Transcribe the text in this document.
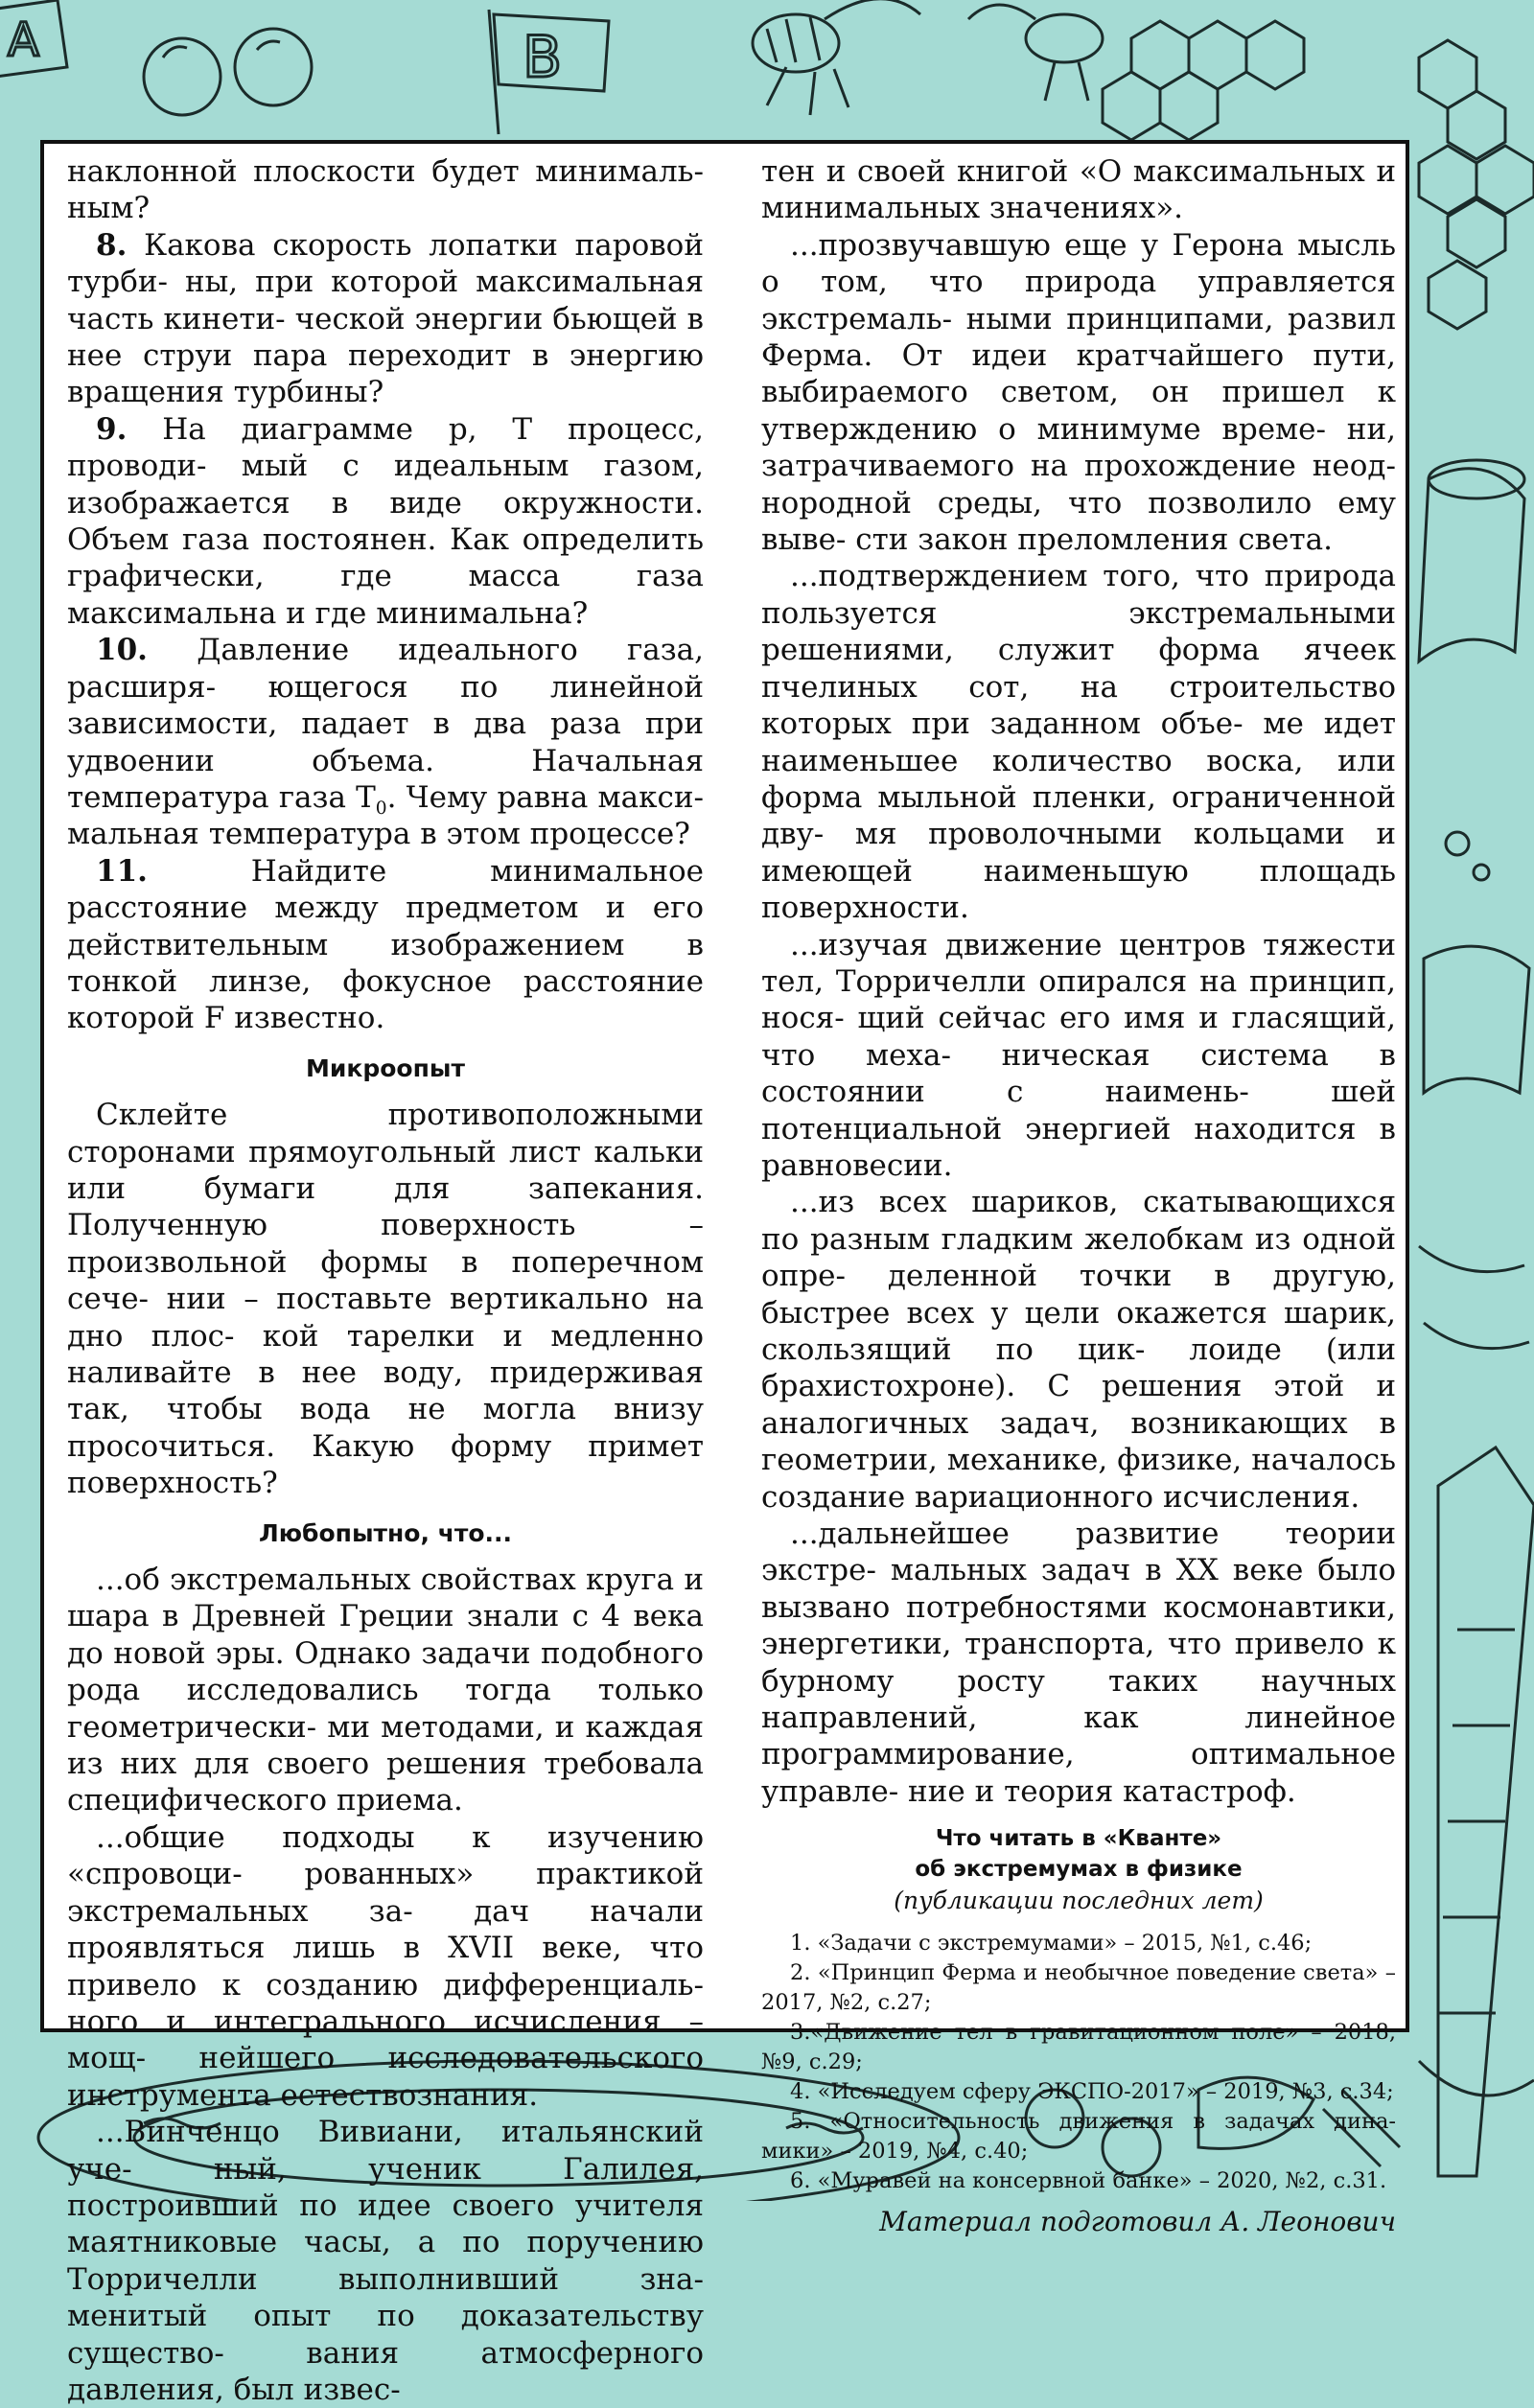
A	B

наклонной плоскости будет минималь- ным?

8. Какова скорость лопатки паровой турби- ны, при которой максимальная часть кинети- ческой энергии бьющей в нее струи пара переходит в энергию вращения турбины?

9. На диаграмме p, T процесс, проводи- мый с идеальным газом, изображается в виде окружности. Объем газа постоянен. Как определить графически, где масса газа максимальна и где минимальна?

10. Давление идеального газа, расширя- ющегося по линейной зависимости, падает в два раза при удвоении объема. Начальная температура газа $T_0$. Чему равна макси- мальная температура в этом процессе?

11.	Найдите минимальное расстояние между предметом и его действительным изображением в тонкой линзе, фокусное расстояние которой F известно.

Микроопыт

Склейте противоположными сторонами прямоугольный лист кальки или бумаги для запекания. Полученную поверхность – произвольной формы в поперечном сече- нии – поставьте вертикально на дно плос- кой тарелки и медленно наливайте в нее воду, придерживая так, чтобы вода не могла внизу просочиться. Какую форму примет поверхность?

Любопытно, что...

...об экстремальных свойствах круга и шара в Древней Греции знали с 4 века до новой эры. Однако задачи подобного рода исследовались тогда только геометрически- ми методами, и каждая из них для своего решения требовала специфического приема.

...общие подходы к изучению «спровоци- рованных» практикой экстремальных за- дач начали проявляться лишь в XVII веке, что привело к созданию дифференциаль- ного и интегрального исчисления – мощ- нейшего исследовательского инструмента естествознания.

...Винченцо Вивиани, итальянский уче- ный, ученик Галилея, построивший по идее своего учителя маятниковые часы, а по поручению Торричелли выполнивший зна- менитый опыт по доказательству существо- вания атмосферного давления, был извес-

тен и своей книгой «О максимальных и минимальных значениях».

...прозвучавшую еще у Герона мысль о том, что природа управляется экстремаль- ными принципами, развил Ферма. От идеи кратчайшего пути, выбираемого светом, он пришел к утверждению о минимуме време- ни, затрачиваемого на прохождение неод- нородной среды, что позволило ему выве- сти закон преломления света.

...подтверждением того, что природа пользуется экстремальными решениями, служит форма ячеек пчелиных сот, на строительство которых при заданном объе- ме идет наименьшее количество воска, или форма мыльной пленки, ограниченной дву- мя проволочными кольцами и имеющей наименьшую площадь поверхности.

...изучая движение центров тяжести тел, Торричелли опирался на принцип, нося- щий сейчас его имя и гласящий, что меха- ническая система в состоянии с наимень- шей потенциальной энергией находится в равновесии.

...из всех шариков, скатывающихся по разным гладким желобкам из одной опре- деленной точки в другую, быстрее всех у цели окажется шарик, скользящий по цик- лоиде (или брахистохроне). С решения этой и аналогичных задач, возникающих в геометрии, механике, физике, началось создание вариационного исчисления.

...дальнейшее развитие теории экстре- мальных задач в XX веке было вызвано потребностями космонавтики, энергетики, транспорта, что привело к бурному росту таких научных направлений, как линейное программирование, оптимальное управле- ние и теория катастроф.

Что читать в «Кванте»
об экстремумах в физике
(публикации последних лет)
1. «Задачи с экстремумами» – 2015, №1, с.46;
2. «Принцип Ферма и необычное поведение света» – 2017, №2, с.27;
3.«Движение тел в гравитационном поле» – 2018, №9, с.29;
4. «Исследуем сферу ЭКСПО-2017» – 2019, №3, с.34;
5. «Относительность движения в задачах дина- мики» – 2019, №4, с.40;
6. «Муравей на консервной банке» – 2020, №2, с.31.
Материал подготовил А. Леонович
